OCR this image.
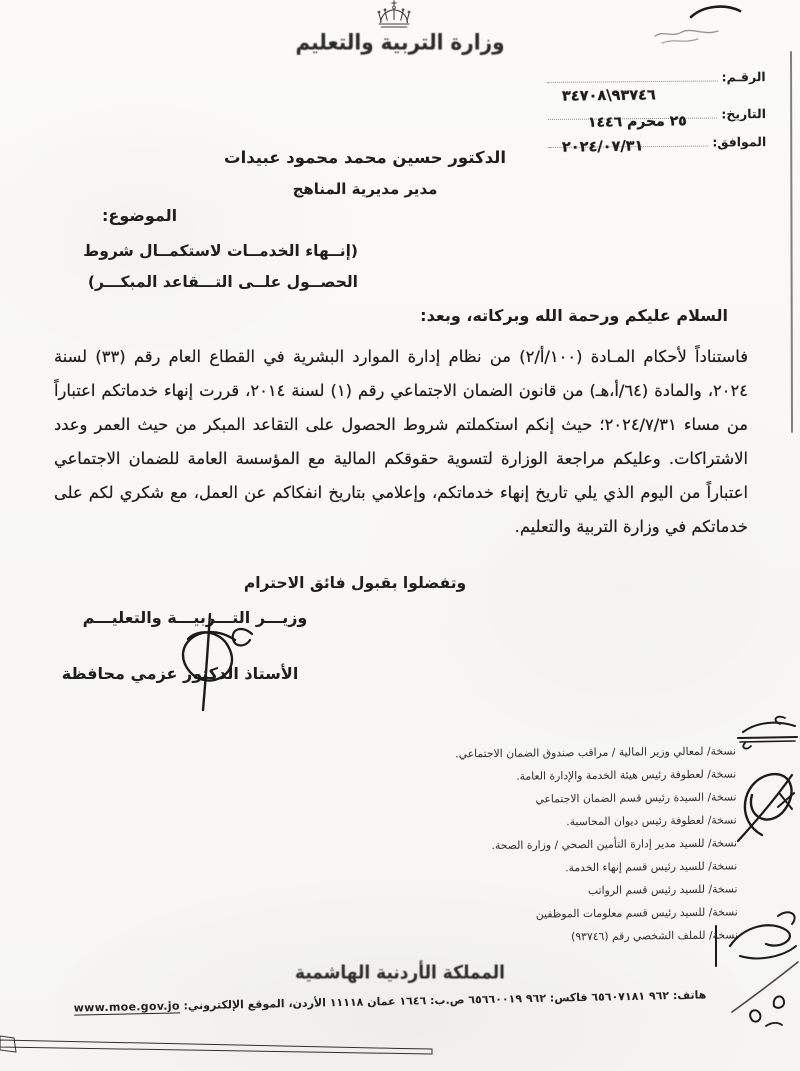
وزارة التربية والتعليم
الرقـم:
التاريخ:
الموافق:
٩٣٧٤٦\٣٤٧٠٨
٢٥ محرم ١٤٤٦
٢٠٢٤/٠٧/٣١
الدكتور حسين محمد محمود عبيدات
مدير مديرية المناهج
الموضوع:
(إنــهاء الخدمــات لاستكمــال شروط
الحصــول علــى التـــقاعد المبكـــر)
السلام عليكم ورحمة الله وبركاته، وبعد:
فاستناداً لأحكام المـادة (١٠٠/أ/٢) من نظام إدارة الموارد البشرية في القطاع العام رقم (٣٣) لسنة ٢٠٢٤، والمادة (٦٤/أ،هـ) من قانون الضمان الاجتماعي رقم (١) لسنة ٢٠١٤، قررت إنهاء خدماتكم اعتباراً من مساء ٢٠٢٤/٧/٣١؛ حيث إنكم استكملتم شروط الحصول على التقاعد المبكر من حيث العمر وعدد الاشتراكات. وعليكم مراجعة الوزارة لتسوية حقوقكم المالية مع المؤسسة العامة للضمان الاجتماعي اعتباراً من اليوم الذي يلي تاريخ إنهاء خدماتكم، وإعلامي بتاريخ انفكاكم عن العمل، مع شكري لكم على خدماتكم في وزارة التربية والتعليم.
وتفضلوا بقبول فائق الاحترام
وزيـــر التـــربيـــة والتعليـــم
الأستاذ الدكتور عزمي محافظة
نسخة/ لمعالي وزير المالية / مراقب صندوق الضمان الاجتماعي.
نسخة/ لعطوفة رئيس هيئة الخدمة والإدارة العامة.
نسخة/ السيدة رئيس قسم الضمان الاجتماعي
نسخة/ لعطوفة رئيس ديوان المحاسبة.
نسخة/ للسيد مدير إدارة التأمين الصحي / وزارة الصحة.
نسخة/ للسيد رئيس قسم إنهاء الخدمة.
نسخة/ للسيد رئيس قسم الرواتب
نسخة/ للسيد رئيس قسم معلومات الموظفين
نسخة/ للملف الشخصي رقم (٩٣٧٤٦)
المملكة الأردنية الهاشمية
هاتف: ٩٦٢ ٦٥٦٠٧١٨١ فاكس: ٩٦٢ ٦٥٦٦٠٠١٩ ص.ب: ١٦٤٦ عمان ١١١١٨ الأردن، الموقع الإلكتروني: www.moe.gov.jo
